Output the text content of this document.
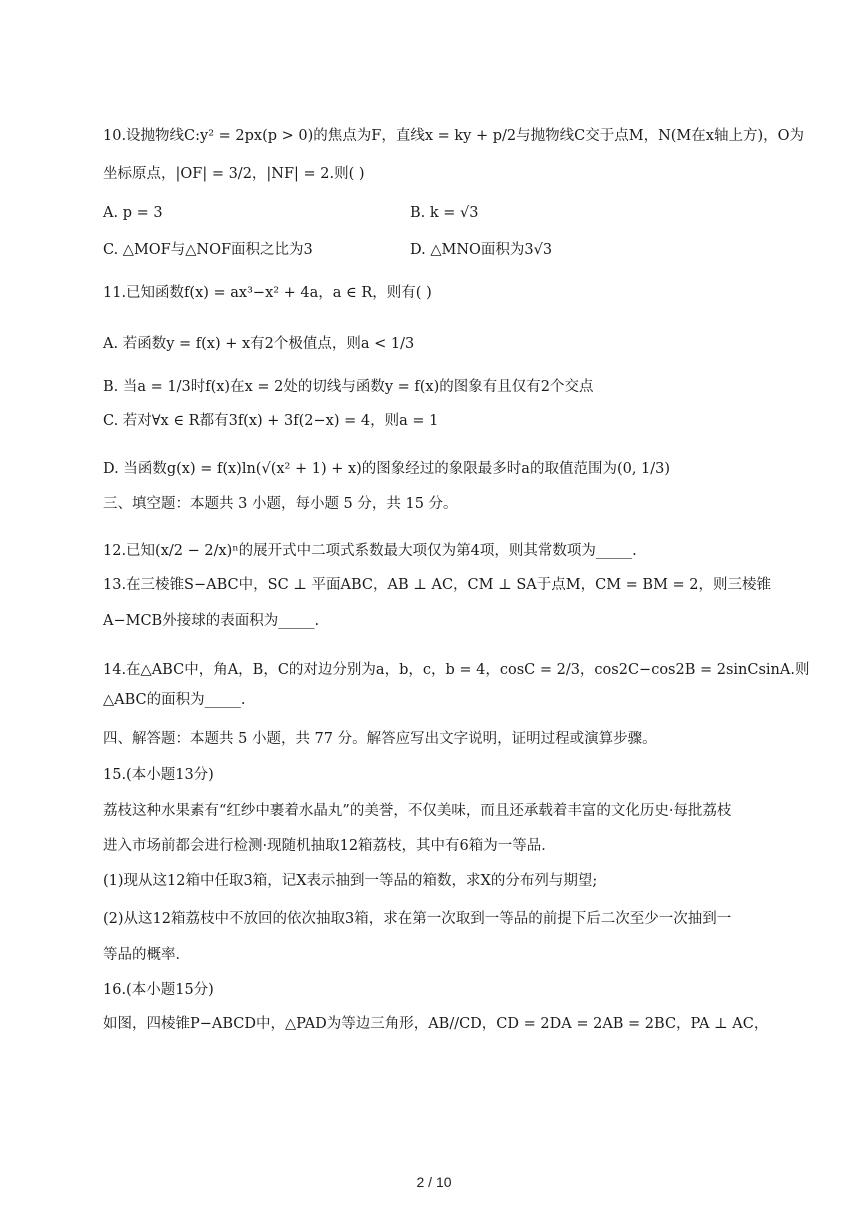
10.设抛物线C:y² = 2px(p > 0)的焦点为F，直线x = ky + p/2与抛物线C交于点M，N(M在x轴上方)，O为
坐标原点，|OF| = 3/2，|NF| = 2.则( )
A. p = 3	B. k = √3
C. △MOF与△NOF面积之比为3	D. △MNO面积为3√3
11.已知函数f(x) = ax³−x² + 4a，a ∈ R，则有( )
A. 若函数y = f(x) + x有2个极值点，则a < 1/3
B. 当a = 1/3时f(x)在x = 2处的切线与函数y = f(x)的图象有且仅有2个交点
C. 若对∀x ∈ R都有3f(x) + 3f(2−x) = 4，则a = 1
D. 当函数g(x) = f(x)ln(√(x² + 1) + x)的图象经过的象限最多时a的取值范围为(0, 1/3)
三、填空题：本题共 3 小题，每小题 5 分，共 15 分。
12.已知(x/2 − 2/x)ⁿ的展开式中二项式系数最大项仅为第4项，则其常数项为_____.
13.在三棱锥S−ABC中，SC ⊥ 平面ABC，AB ⊥ AC，CM ⊥ SA于点M，CM = BM = 2，则三棱锥
A−MCB外接球的表面积为_____.
14.在△ABC中，角A，B，C的对边分别为a，b，c，b = 4，cosC = 2/3，cos2C−cos2B = 2sinCsinA.则
△ABC的面积为_____.
四、解答题：本题共 5 小题，共 77 分。解答应写出文字说明，证明过程或演算步骤。
15.(本小题13分)
荔枝这种水果素有“红纱中裹着水晶丸”的美誉，不仅美味，而且还承载着丰富的文化历史·每批荔枝
进入市场前都会进行检测·现随机抽取12箱荔枝，其中有6箱为一等品．
(1)现从这12箱中任取3箱，记X表示抽到一等品的箱数，求X的分布列与期望;
(2)从这12箱荔枝中不放回的依次抽取3箱，求在第一次取到一等品的前提下后二次至少一次抽到一
等品的概率．
16.(本小题15分)
如图，四棱锥P−ABCD中，△PAD为等边三角形，AB//CD，CD = 2DA = 2AB = 2BC，PA ⊥ AC，
2 / 10
